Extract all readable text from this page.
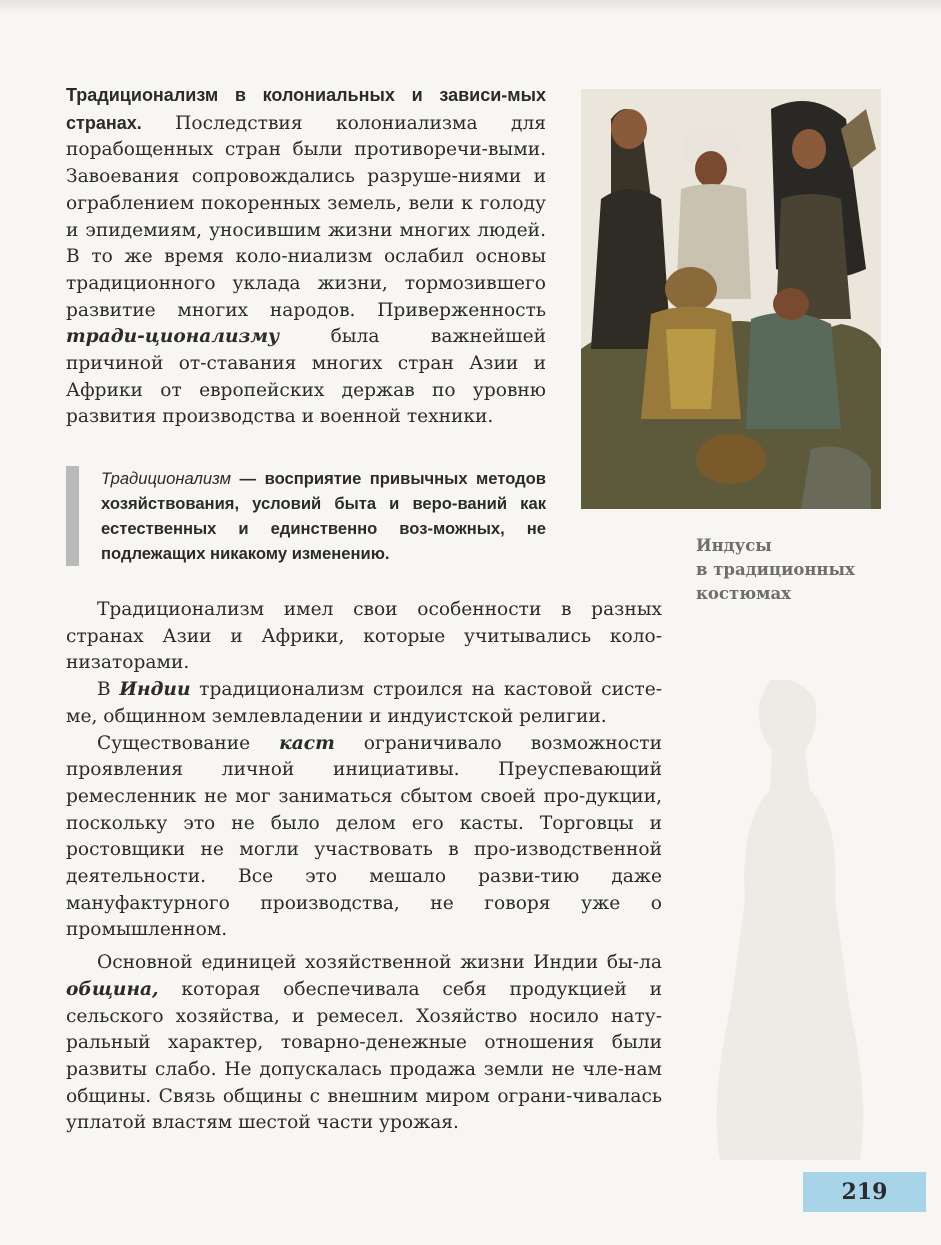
Традиционализм в колониальных и зависи-мых странах. Последствия колониализма для порабощенных стран были противоречи-выми. Завоевания сопровождались разруше-ниями и ограблением покоренных земель, вели к голоду и эпидемиям, уносившим жизни многих людей. В то же время коло-ниализм ослабил основы традиционного уклада жизни, тормозившего развитие многих народов. Приверженность тради-ционализму	была важнейшей причиной от-ставания многих стран Азии и Африки от европейских держав по уровню развития производства и военной техники.

Традиционализм — восприятие привычных методов хозяйствования, условий быта и веро-ваний как естественных и единственно воз-можных, не подлежащих никакому изменению.	Индусы
в традиционных
костюмах

Традиционализм имел свои особенности в разных странах Азии и Африки, которые учитывались коло-низаторами.

В Индии традиционализм строился на кастовой систе-ме, общинном землевладении и индуистской религии.

Существование каст ограничивало возможности проявления личной инициативы. Преуспевающий ремесленник не мог заниматься сбытом своей про-дукции, поскольку это не было делом его касты. Торговцы и ростовщики не могли участвовать в про-изводственной деятельности. Все это мешало разви-тию даже мануфактурного производства, не говоря уже о промышленном.

Основной единицей хозяйственной жизни Индии бы-ла община, которая обеспечивала себя продукцией и сельского хозяйства, и ремесел. Хозяйство носило нату-ральный характер, товарно-денежные отношения были развиты слабо. Не допускалась продажа земли не чле-нам общины. Связь общины с внешним миром ограни-чивалась уплатой властям шестой части урожая.

219
